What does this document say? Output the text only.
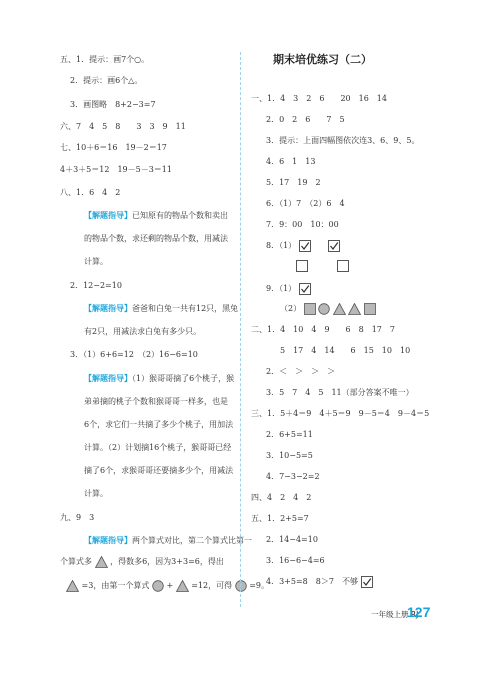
五、1．提示：画7个○。
2．提示：画6个△。
3．画图略　8+2−3=7
六、7　4　5　8　　3　3　9　11
七、10＋6＝16　19－2＝17
4＋3＋5＝12　19－5－3＝11
八、1．6　4　2
【解题指导】已知原有的物品个数和卖出
的物品个数，求还剩的物品个数，用减法
计算。
2．12−2=10
【解题指导】爸爸和白兔一共有12只，黑兔
有2只，用减法求白兔有多少只。
3．（1）6+6=12　（2）16−6=10
【解题指导】（1）猴哥哥摘了6个桃子，猴
弟弟摘的桃子个数和猴哥哥一样多，也是
6个，求它们一共摘了多少个桃子，用加法
计算。（2）计划摘16个桃子，猴哥哥已经
摘了6个，求猴哥哥还要摘多少个，用减法
计算。
九、9　3
【解题指导】两个算式对比，第二个算式比第一
个算式多 ，得数多6，因为3+3=6，得出
=3，由第一个算式 + =12，可得 =9。
期末培优练习（二）
一、1．4　3　2　6　　20　16　14
2．0　2　6　　7　5
3．提示：上面四幅图依次连3、6、9、5。
4．6　1　13
5．17　19　2
6．（1）7　（2）6　4
7．9：00　10：00
8．（1）

9．（1）
（2）
二、1．4　10　4　9　　6　8　17　7
5　17　4　14　　6　15　10　10
2．＜　＞　＞　＞
3．5　7　4　5　11（部分答案不唯一）
三、1．5＋4＝9　4＋5＝9　9－5＝4　9－4＝5
2．6+5=11
3．10−5=5
4．7−3−2=2
四、4　2　4　2
五、1．2+5=7
2．14−4=10
3．16−6−4=6
4．3+5=8　8＞7　不够
一年级上册 RJ
127
